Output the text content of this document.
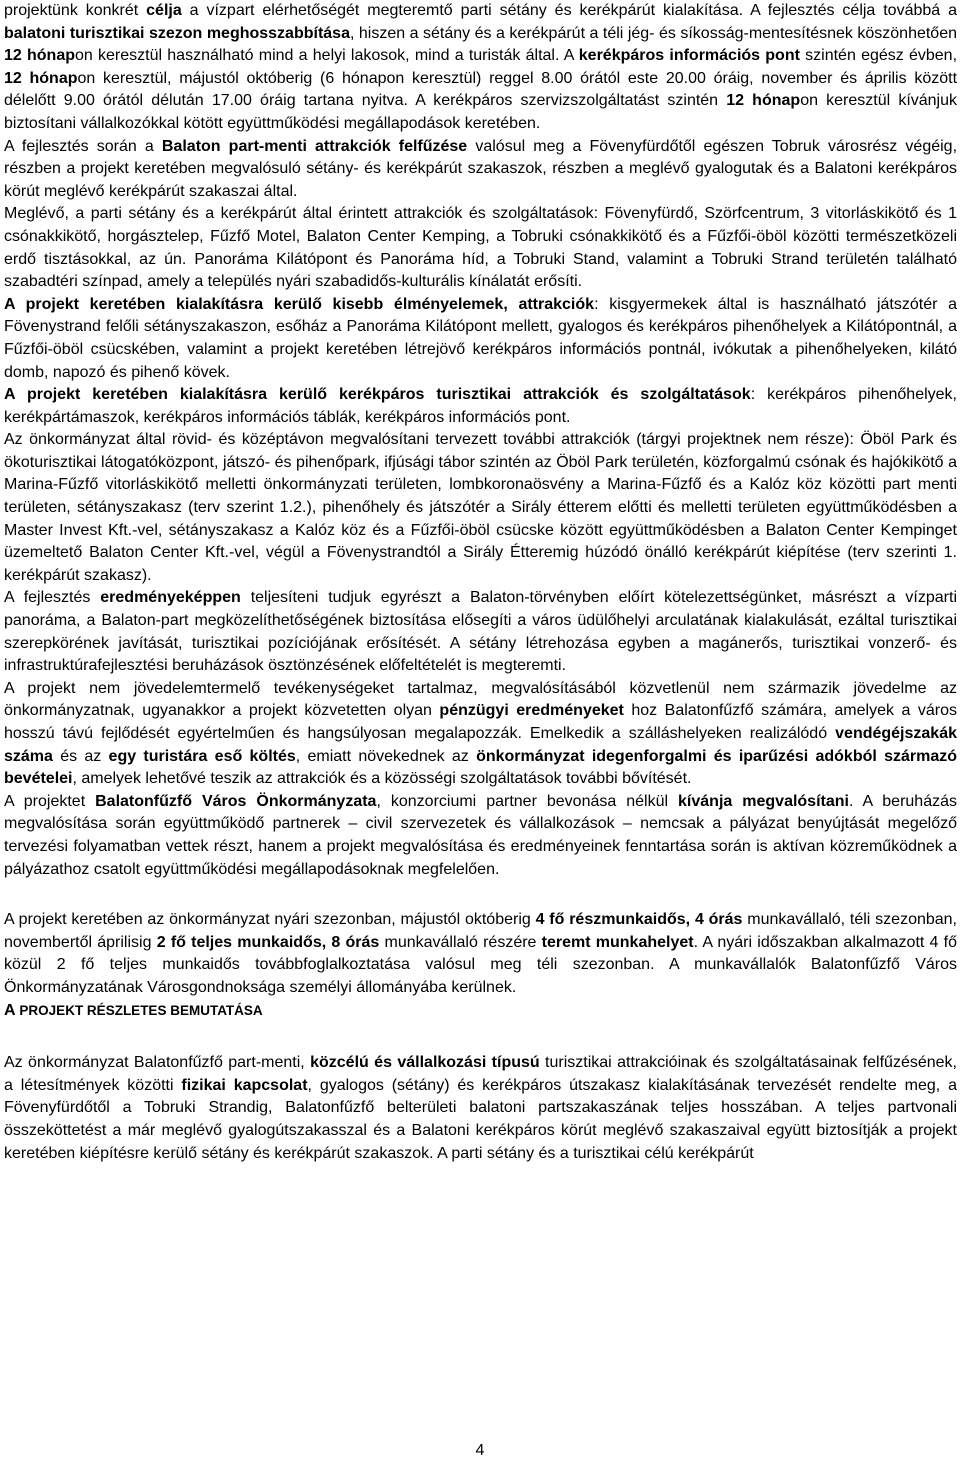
projektünk konkrét célja a vízpart elérhetőségét megteremtő parti sétány és kerékpárút kialakítása. A fejlesztés célja továbbá a balatoni turisztikai szezon meghosszabbítása, hiszen a sétány és a kerékpárút a téli jég- és síkosság-mentesítésnek köszönhetően 12 hónapon keresztül használható mind a helyi lakosok, mind a turisták által. A kerékpáros információs pont szintén egész évben, 12 hónapon keresztül, májustól októberig (6 hónapon keresztül) reggel 8.00 órától este 20.00 óráig, november és április között délelőtt 9.00 órától délután 17.00 óráig tartana nyitva. A kerékpáros szervizszolgáltatást szintén 12 hónapon keresztül kívánjuk biztosítani vállalkozókkal kötött együttműködési megállapodások keretében.

A fejlesztés során a Balaton part-menti attrakciók felfűzése valósul meg a Fövenyfürdőtől egészen Tobruk városrész végéig, részben a projekt keretében megvalósuló sétány- és kerékpárút szakaszok, részben a meglévő gyalogutak és a Balatoni kerékpáros körút meglévő kerékpárút szakaszai által.

Meglévő, a parti sétány és a kerékpárút által érintett attrakciók és szolgáltatások: Fövenyfürdő, Szörfcentrum, 3 vitorláskikötő és 1 csónakkikötő, horgásztelep, Fűzfő Motel, Balaton Center Kemping, a Tobruki csónakkikötő és a Fűzfői-öböl közötti természetközeli erdő tisztásokkal, az ún. Panoráma Kilátópont és Panoráma híd, a Tobruki Stand, valamint a Tobruki Strand területén található szabadtéri színpad, amely a település nyári szabadidős-kulturális kínálatát erősíti.

A projekt keretében kialakításra kerülő kisebb élményelemek, attrakciók: kisgyermekek által is használható játszótér a Fövenystrand felőli sétányszakaszon, esőház a Panoráma Kilátópont mellett, gyalogos és kerékpáros pihenőhelyek a Kilátópontnál, a Fűzfői-öböl csücskében, valamint a projekt keretében létrejövő kerékpáros információs pontnál, ivókutak a pihenőhelyeken, kilátó domb, napozó és pihenő kövek.

A projekt keretében kialakításra kerülő kerékpáros turisztikai attrakciók és szolgáltatások: kerékpáros pihenőhelyek, kerékpártámaszok, kerékpáros információs táblák, kerékpáros információs pont.

Az önkormányzat által rövid- és középtávon megvalósítani tervezett további attrakciók (tárgyi projektnek nem része): Öböl Park és ökoturisztikai látogatóközpont, játszó- és pihenőpark, ifjúsági tábor szintén az Öböl Park területén, közforgalmú csónak és hajókikötő a Marina-Fűzfő vitorláskikötő melletti önkormányzati területen, lombkoronaösvény a Marina-Fűzfő és a Kalóz köz közötti part menti területen, sétányszakasz (terv szerint 1.2.), pihenőhely és játszótér a Sirály étterem előtti és melletti területen együttműködésben a Master Invest Kft.-vel, sétányszakasz a Kalóz köz és a Fűzfői-öböl csücske között együttműködésben a Balaton Center Kempinget üzemeltető Balaton Center Kft.-vel, végül a Fövenystrandtól a Sirály Étteremig húzódó önálló kerékpárút kiépítése (terv szerinti 1. kerékpárút szakasz).

A fejlesztés eredményeképpen teljesíteni tudjuk egyrészt a Balaton-törvényben előírt kötelezettségünket, másrészt a vízparti panoráma, a Balaton-part megközelíthetőségének biztosítása elősegíti a város üdülőhelyi arculatának kialakulását, ezáltal turisztikai szerepkörének javítását, turisztikai pozíciójának erősítését. A sétány létrehozása egyben a magánerős, turisztikai vonzerő- és infrastruktúrafejlesztési beruházások ösztönzésének előfeltételét is megteremti.

A projekt nem jövedelemtermelő tevékenységeket tartalmaz, megvalósításából közvetlenül nem származik jövedelme az önkormányzatnak, ugyanakkor a projekt közvetetten olyan pénzügyi eredményeket hoz Balatonfűzfő számára, amelyek a város hosszú távú fejlődését egyértelműen és hangsúlyosan megalapozzák. Emelkedik a szálláshelyeken realizálódó vendégéjszakák száma és az egy turistára eső költés, emiatt növekednek az önkormányzat idegenforgalmi és iparűzési adókból származó bevételei, amelyek lehetővé teszik az attrakciók és a közösségi szolgáltatások további bővítését.

A projektet Balatonfűzfő Város Önkormányzata, konzorciumi partner bevonása nélkül kívánja megvalósítani. A beruházás megvalósítása során együttműködő partnerek – civil szervezetek és vállalkozások – nemcsak a pályázat benyújtását megelőző tervezési folyamatban vettek részt, hanem a projekt megvalósítása és eredményeinek fenntartása során is aktívan közreműködnek a pályázathoz csatolt együttműködési megállapodásoknak megfelelően.

A projekt keretében az önkormányzat nyári szezonban, májustól októberig 4 fő részmunkaidős, 4 órás munkavállaló, téli szezonban, novembertől áprilisig 2 fő teljes munkaidős, 8 órás munkavállaló részére teremt munkahelyet. A nyári időszakban alkalmazott 4 fő közül 2 fő teljes munkaidős továbbfoglalkoztatása valósul meg téli szezonban. A munkavállalók Balatonfűzfő Város Önkormányzatának Városgondnoksága személyi állományába kerülnek.

A PROJEKT RÉSZLETES BEMUTATÁSA

Az önkormányzat Balatonfűzfő part-menti, közcélú és vállalkozási típusú turisztikai attrakcióinak és szolgáltatásainak felfűzésének, a létesítmények közötti fizikai kapcsolat, gyalogos (sétány) és kerékpáros útszakasz kialakításának tervezését rendelte meg, a Fövenyfürdőtől a Tobruki Strandig, Balatonfűzfő belterületi balatoni partszakaszának teljes hosszában. A teljes partvonali összeköttetést a már meglévő gyalogútszakasszal és a Balatoni kerékpáros körút meglévő szakaszaival együtt biztosítják a projekt keretében kiépítésre kerülő sétány és kerékpárút szakaszok. A parti sétány és a turisztikai célú kerékpárút

4
